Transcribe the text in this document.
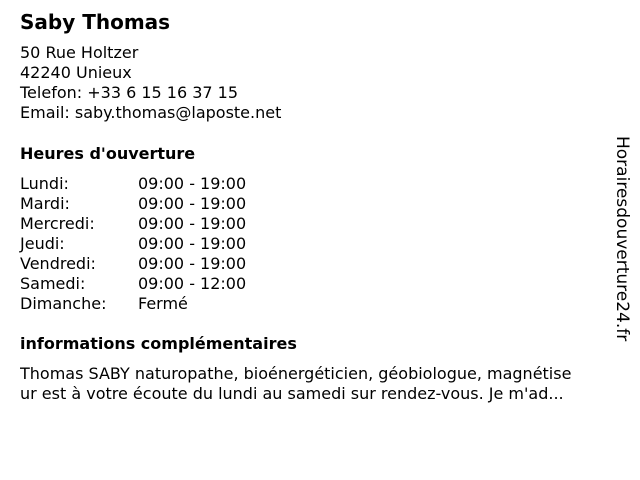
Saby Thomas
50 Rue Holtzer
42240 Unieux
Telefon: +33 6 15 16 37 15
Email: saby.thomas@laposte.net
Heures d'ouverture
Lundi:	09:00 - 19:00
Mardi:	09:00 - 19:00
Mercredi:	09:00 - 19:00
Jeudi:	09:00 - 19:00
Vendredi:	09:00 - 19:00
Samedi:	09:00 - 12:00
Dimanche: Fermé
informations complémentaires
Thomas SABY naturopathe, bioénergéticien, géobiologue, magnétise
ur est à votre écoute du lundi au samedi sur rendez-vous. Je m'ad...
Horairesdouverture24.fr
